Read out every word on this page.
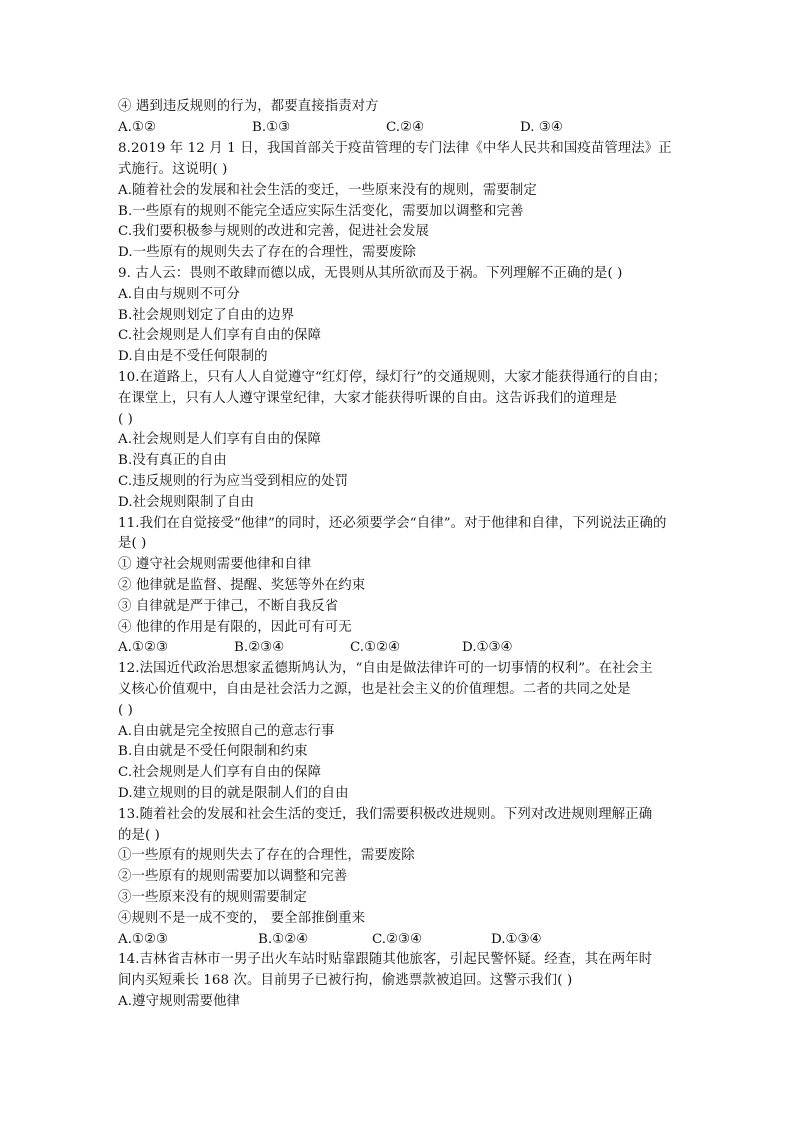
④ 遇到违反规则的行为，都要直接指责对方
A.①②	B.①③	C.②④	D. ③④
8.2019 年 12 月 1 日，我国首部关于疫苗管理的专门法律《中华人民共和国疫苗管理法》正
式施行。这说明( )
A.随着社会的发展和社会生活的变迁，一些原来没有的规则，需要制定
B.一些原有的规则不能完全适应实际生活变化，需要加以调整和完善
C.我们要积极参与规则的改进和完善，促进社会发展
D.一些原有的规则失去了存在的合理性，需要废除
9. 古人云：畏则不敢肆而德以成，无畏则从其所欲而及于祸。下列理解不正确的是( )
A.自由与规则不可分
B.社会规则划定了自由的边界
C.社会规则是人们享有自由的保障
D.自由是不受任何限制的
10.在道路上，只有人人自觉遵守“红灯停，绿灯行”的交通规则，大家才能获得通行的自由；
在课堂上，只有人人遵守课堂纪律，大家才能获得听课的自由。这告诉我们的道理是
( )
A.社会规则是人们享有自由的保障
B.没有真正的自由
C.违反规则的行为应当受到相应的处罚
D.社会规则限制了自由
11.我们在自觉接受“他律”的同时，还必须要学会“自律”。对于他律和自律，下列说法正确的
是( )
① 遵守社会规则需要他律和自律
② 他律就是监督、提醒、奖惩等外在约束
③ 自律就是严于律己，不断自我反省
④ 他律的作用是有限的，因此可有可无
A.①②③	B.②③④	C.①②④	D.①③④
12.法国近代政治思想家孟德斯鸠认为，“自由是做法律许可的一切事情的权利”。在社会主
义核心价值观中，自由是社会活力之源，也是社会主义的价值理想。二者的共同之处是
( )
A.自由就是完全按照自己的意志行事
B.自由就是不受任何限制和约束
C.社会规则是人们享有自由的保障
D.建立规则的目的就是限制人们的自由
13.随着社会的发展和社会生活的变迁，我们需要积极改进规则。下列对改进规则理解正确
的是( )
①一些原有的规则失去了存在的合理性，需要废除
②一些原有的规则需要加以调整和完善
③一些原来没有的规则需要制定
④规则不是一成不变的， 要全部推倒重来
A.①②③	B.①②④	C.②③④	D.①③④
14.吉林省吉林市一男子出火车站时贴靠跟随其他旅客，引起民警怀疑。经查，其在两年时
间内买短乘长 168 次。目前男子已被行拘，偷逃票款被追回。这警示我们( )
A.遵守规则需要他律
